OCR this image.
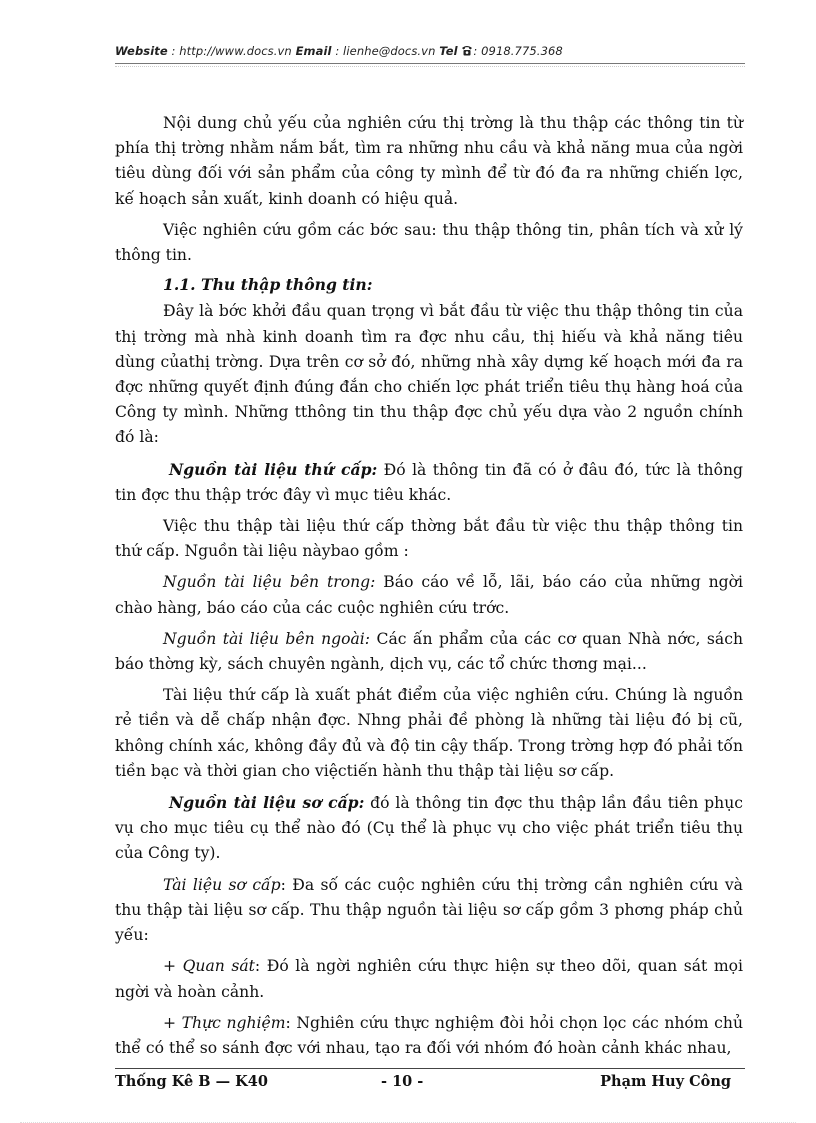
Website : http://www.docs.vn Email : lienhe@docs.vn Tel : 0918.775.368

Nội dung chủ yếu của nghiên cứu thị trờng là thu thập các thông tin từ phía thị trờng nhằm nắm bắt, tìm ra những nhu cầu và khả năng mua của ngời tiêu dùng đối với sản phẩm của công ty mình để từ đó đa ra những chiến lợc, kế hoạch sản xuất, kinh doanh có hiệu quả.

Việc nghiên cứu gồm các bớc sau: thu thập thông tin, phân tích và xử lý thông tin.

1.1. Thu thập thông tin:

Đây là bớc khởi đầu quan trọng vì bắt đầu từ việc thu thập thông tin của thị trờng mà nhà kinh doanh tìm ra đợc nhu cầu, thị hiếu và khả năng tiêu dùng củathị trờng. Dựa trên cơ sở đó, những nhà xây dựng kế hoạch mới đa ra đợc những quyết định đúng đắn cho chiến lợc phát triển tiêu thụ hàng hoá của Công ty mình. Những tthông tin thu thập đợc chủ yếu dựa vào 2 nguồn chính đó là:

Nguồn tài liệu thứ cấp: Đó là thông tin đã có ở đâu đó, tức là thông tin đợc thu thập trớc đây vì mục tiêu khác.

Việc thu thập tài liệu thứ cấp thờng bắt đầu từ việc thu thập thông tin thứ cấp. Nguồn tài liệu nàybao gồm :

Nguồn tài liệu bên trong: Báo cáo về lỗ, lãi, báo cáo của những ngời chào hàng, báo cáo của các cuộc nghiên cứu trớc.

Nguồn tài liệu bên ngoài: Các ấn phẩm của các cơ quan Nhà nớc, sách báo thờng kỳ, sách chuyên ngành, dịch vụ, các tổ chức thơng mại...

Tài liệu thứ cấp là xuất phát điểm của việc nghiên cứu. Chúng là nguồn rẻ tiền và dễ chấp nhận đợc. Nhng phải đề phòng là những tài liệu đó bị cũ, không chính xác, không đầy đủ và độ tin cậy thấp. Trong trờng hợp đó phải tốn tiền bạc và thời gian cho việctiến hành thu thập tài liệu sơ cấp.

Nguồn tài liệu sơ cấp: đó là thông tin đợc thu thập lần đầu tiên phục vụ cho mục tiêu cụ thể nào đó (Cụ thể là phục vụ cho việc phát triển tiêu thụ của Công ty).

Tài liệu sơ cấp: Đa số các cuộc nghiên cứu thị trờng cần nghiên cứu và thu thập tài liệu sơ cấp. Thu thập nguồn tài liệu sơ cấp gồm 3 phơng pháp chủ yếu:

+ Quan sát: Đó là ngời nghiên cứu thực hiện sự theo dõi, quan sát mọi ngời và hoàn cảnh.

+ Thực nghiệm: Nghiên cứu thực nghiệm đòi hỏi chọn lọc các nhóm chủ thể có thể so sánh đợc với nhau, tạo ra đối với nhóm đó hoàn cảnh khác nhau,

Thống Kê B — K40	- 10 -	Phạm Huy Công
